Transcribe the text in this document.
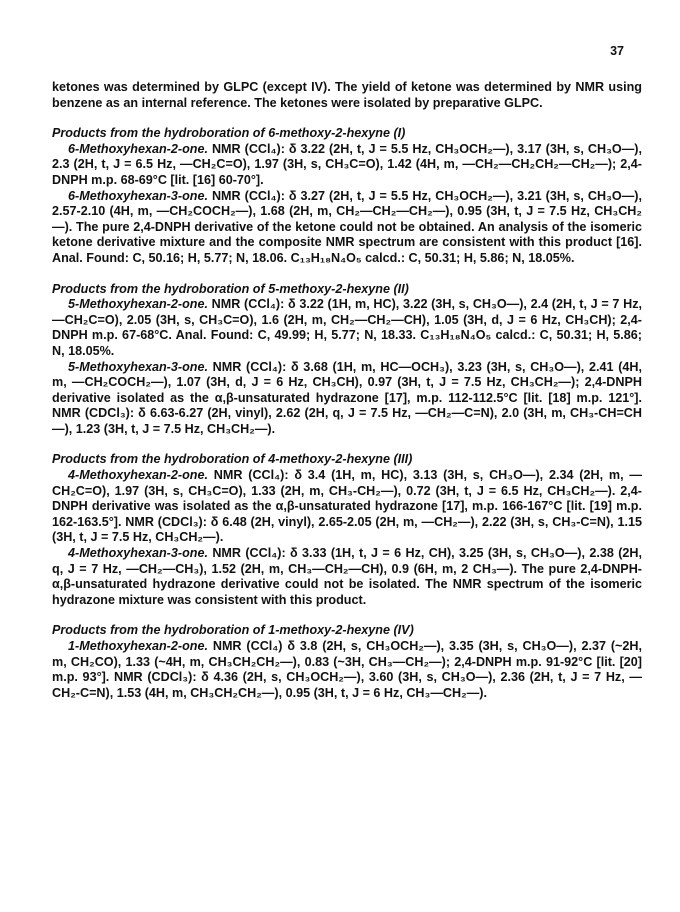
37

ketones was determined by GLPC (except IV). The yield of ketone was determined by NMR using benzene as an internal reference. The ketones were isolated by preparative GLPC.

Products from the hydroboration of 6-methoxy-2-hexyne (I)

6-Methoxyhexan-2-one. NMR (CCl₄): δ 3.22 (2H, t, J = 5.5 Hz, CH₃OCH₂—), 3.17 (3H, s, CH₃O—), 2.3 (2H, t, J = 6.5 Hz, —CH₂C=O), 1.97 (3H, s, CH₃C=O), 1.42 (4H, m, —CH₂—CH₂CH₂—CH₂—); 2,4-DNPH m.p. 68-69°C [lit. [16] 60-70°].

6-Methoxyhexan-3-one. NMR (CCl₄): δ 3.27 (2H, t, J = 5.5 Hz, CH₃OCH₂—), 3.21 (3H, s, CH₃O—), 2.57-2.10 (4H, m, —CH₂COCH₂—), 1.68 (2H, m, CH₂—CH₂—CH₂—), 0.95 (3H, t, J = 7.5 Hz, CH₃CH₂—). The pure 2,4-DNPH derivative of the ketone could not be obtained. An analysis of the isomeric ketone derivative mixture and the composite NMR spectrum are consistent with this product [16]. Anal. Found: C, 50.16; H, 5.77; N, 18.06. C₁₃H₁₈N₄O₅ calcd.: C, 50.31; H, 5.86; N, 18.05%.

Products from the hydroboration of 5-methoxy-2-hexyne (II)

5-Methoxyhexan-2-one. NMR (CCl₄): δ 3.22 (1H, m, HC), 3.22 (3H, s, CH₃O—), 2.4 (2H, t, J = 7 Hz, —CH₂C=O), 2.05 (3H, s, CH₃C=O), 1.6 (2H, m, CH₂—CH₂—CH), 1.05 (3H, d, J = 6 Hz, CH₃CH); 2,4-DNPH m.p. 67-68°C. Anal. Found: C, 49.99; H, 5.77; N, 18.33. C₁₃H₁₈N₄O₅ calcd.: C, 50.31; H, 5.86; N, 18.05%.

5-Methoxyhexan-3-one. NMR (CCl₄): δ 3.68 (1H, m, HC—OCH₃), 3.23 (3H, s, CH₃O—), 2.41 (4H, m, —CH₂COCH₂—), 1.07 (3H, d, J = 6 Hz, CH₃CH), 0.97 (3H, t, J = 7.5 Hz, CH₃CH₂—); 2,4-DNPH derivative isolated as the α,β-unsaturated hydrazone [17], m.p. 112-112.5°C [lit. [18] m.p. 121°]. NMR (CDCl₃): δ 6.63-6.27 (2H, vinyl), 2.62 (2H, q, J = 7.5 Hz, —CH₂—C=N), 2.0 (3H, m, CH₃-CH=CH—), 1.23 (3H, t, J = 7.5 Hz, CH₃CH₂—).

Products from the hydroboration of 4-methoxy-2-hexyne (III)

4-Methoxyhexan-2-one. NMR (CCl₄): δ 3.4 (1H, m, HC), 3.13 (3H, s, CH₃O—), 2.34 (2H, m, —CH₂C=O), 1.97 (3H, s, CH₃C=O), 1.33 (2H, m, CH₃-CH₂—), 0.72 (3H, t, J = 6.5 Hz, CH₃CH₂—). 2,4-DNPH derivative was isolated as the α,β-unsaturated hydrazone [17], m.p. 166-167°C [lit. [19] m.p. 162-163.5°]. NMR (CDCl₃): δ 6.48 (2H, vinyl), 2.65-2.05 (2H, m, —CH₂—), 2.22 (3H, s, CH₃-C=N), 1.15 (3H, t, J = 7.5 Hz, CH₃CH₂—).

4-Methoxyhexan-3-one. NMR (CCl₄): δ 3.33 (1H, t, J = 6 Hz, CH), 3.25 (3H, s, CH₃O—), 2.38 (2H, q, J = 7 Hz, —CH₂—CH₃), 1.52 (2H, m, CH₃—CH₂—CH), 0.9 (6H, m, 2 CH₃—). The pure 2,4-DNPH-α,β-unsaturated hydrazone derivative could not be isolated. The NMR spectrum of the isomeric hydrazone mixture was consistent with this product.

Products from the hydroboration of 1-methoxy-2-hexyne (IV)

1-Methoxyhexan-2-one. NMR (CCl₄) δ 3.8 (2H, s, CH₃OCH₂—), 3.35 (3H, s, CH₃O—), 2.37 (~2H, m, CH₂CO), 1.33 (~4H, m, CH₃CH₂CH₂—), 0.83 (~3H, CH₃—CH₂—); 2,4-DNPH m.p. 91-92°C [lit. [20] m.p. 93°]. NMR (CDCl₃): δ 4.36 (2H, s, CH₃OCH₂—), 3.60 (3H, s, CH₃O—), 2.36 (2H, t, J = 7 Hz, —CH₂-C=N), 1.53 (4H, m, CH₃CH₂CH₂—), 0.95 (3H, t, J = 6 Hz, CH₃—CH₂—).
